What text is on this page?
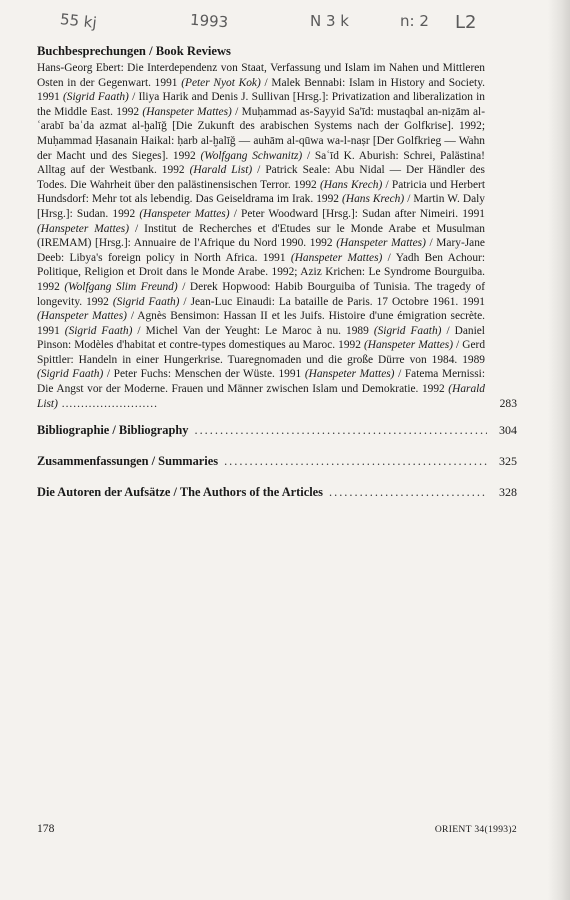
55 kj	1993	N 3 k	n: 2 L2
Buchbesprechungen / Book Reviews

Hans-Georg Ebert: Die Interdependenz von Staat, Verfassung und Islam im Nahen und Mittleren Osten in der Gegenwart. 1991 (Peter Nyot Kok) / Malek Bennabi: Islam in History and Society. 1991 (Sigrid Faath) / Iliya Harik and Denis J. Sullivan [Hrsg.]: Privatization and liberalization in the Middle East. 1992 (Hanspeter Mattes) / Muḥammad as-Sayyid Sa'īd: mustaqbal an-niẓām al-ʿarabī baʿda azmat al-ḫalīǧ [Die Zukunft des arabischen Systems nach der Golfkrise]. 1992; Muḥammad Ḥasanain Haikal: ḥarb al-ḫalīǧ — auhām al-qūwa wa-l-naṣr [Der Golfkrieg — Wahn der Macht und des Sieges]. 1992 (Wolfgang Schwanitz) / Saʿīd K. Aburish: Schrei, Palästina! Alltag auf der Westbank. 1992 (Harald List) / Patrick Seale: Abu Nidal — Der Händler des Todes. Die Wahrheit über den palästinensischen Terror. 1992 (Hans Krech) / Patricia und Herbert Hundsdorf: Mehr tot als lebendig. Das Geiseldrama im Irak. 1992 (Hans Krech) / Martin W. Daly [Hrsg.]: Sudan. 1992 (Hanspeter Mattes) / Peter Woodward [Hrsg.]: Sudan after Nimeiri. 1991 (Hanspeter Mattes) / Institut de Recherches et d'Etudes sur le Monde Arabe et Musulman (IREMAM) [Hrsg.]: Annuaire de l'Afrique du Nord 1990. 1992 (Hanspeter Mattes) / Mary-Jane Deeb: Libya's foreign policy in North Africa. 1991 (Hanspeter Mattes) / Yadh Ben Achour: Politique, Religion et Droit dans le Monde Arabe. 1992; Aziz Krichen: Le Syndrome Bourguiba. 1992 (Wolfgang Slim Freund) / Derek Hopwood: Habib Bourguiba of Tunisia. The tragedy of longevity. 1992 (Sigrid Faath) / Jean-Luc Einaudi: La bataille de Paris. 17 Octobre 1961. 1991 (Hanspeter Mattes) / Agnès Bensimon: Hassan II et les Juifs. Histoire d'une émigration secrète. 1991 (Sigrid Faath) / Michel Van der Yeught: Le Maroc à nu. 1989 (Sigrid Faath) / Daniel Pinson: Modèles d'habitat et contre-types domestiques au Maroc. 1992 (Hanspeter Mattes) / Gerd Spittler: Handeln in einer Hungerkrise. Tuaregnomaden und die große Dürre von 1984. 1989 (Sigrid Faath) / Peter Fuchs: Menschen der Wüste. 1991 (Hanspeter Mattes) / Fatema Mernissi: Die Angst vor der Moderne. Frauen und Männer zwischen Islam und Demokratie. 1992 (Harald List) .........................	283
Bibliographie / Bibliography .....	304
Zusammenfassungen / Summaries .....	325
Die Autoren der Aufsätze / The Authors of the Articles .....	328
178	ORIENT 34(1993)2
